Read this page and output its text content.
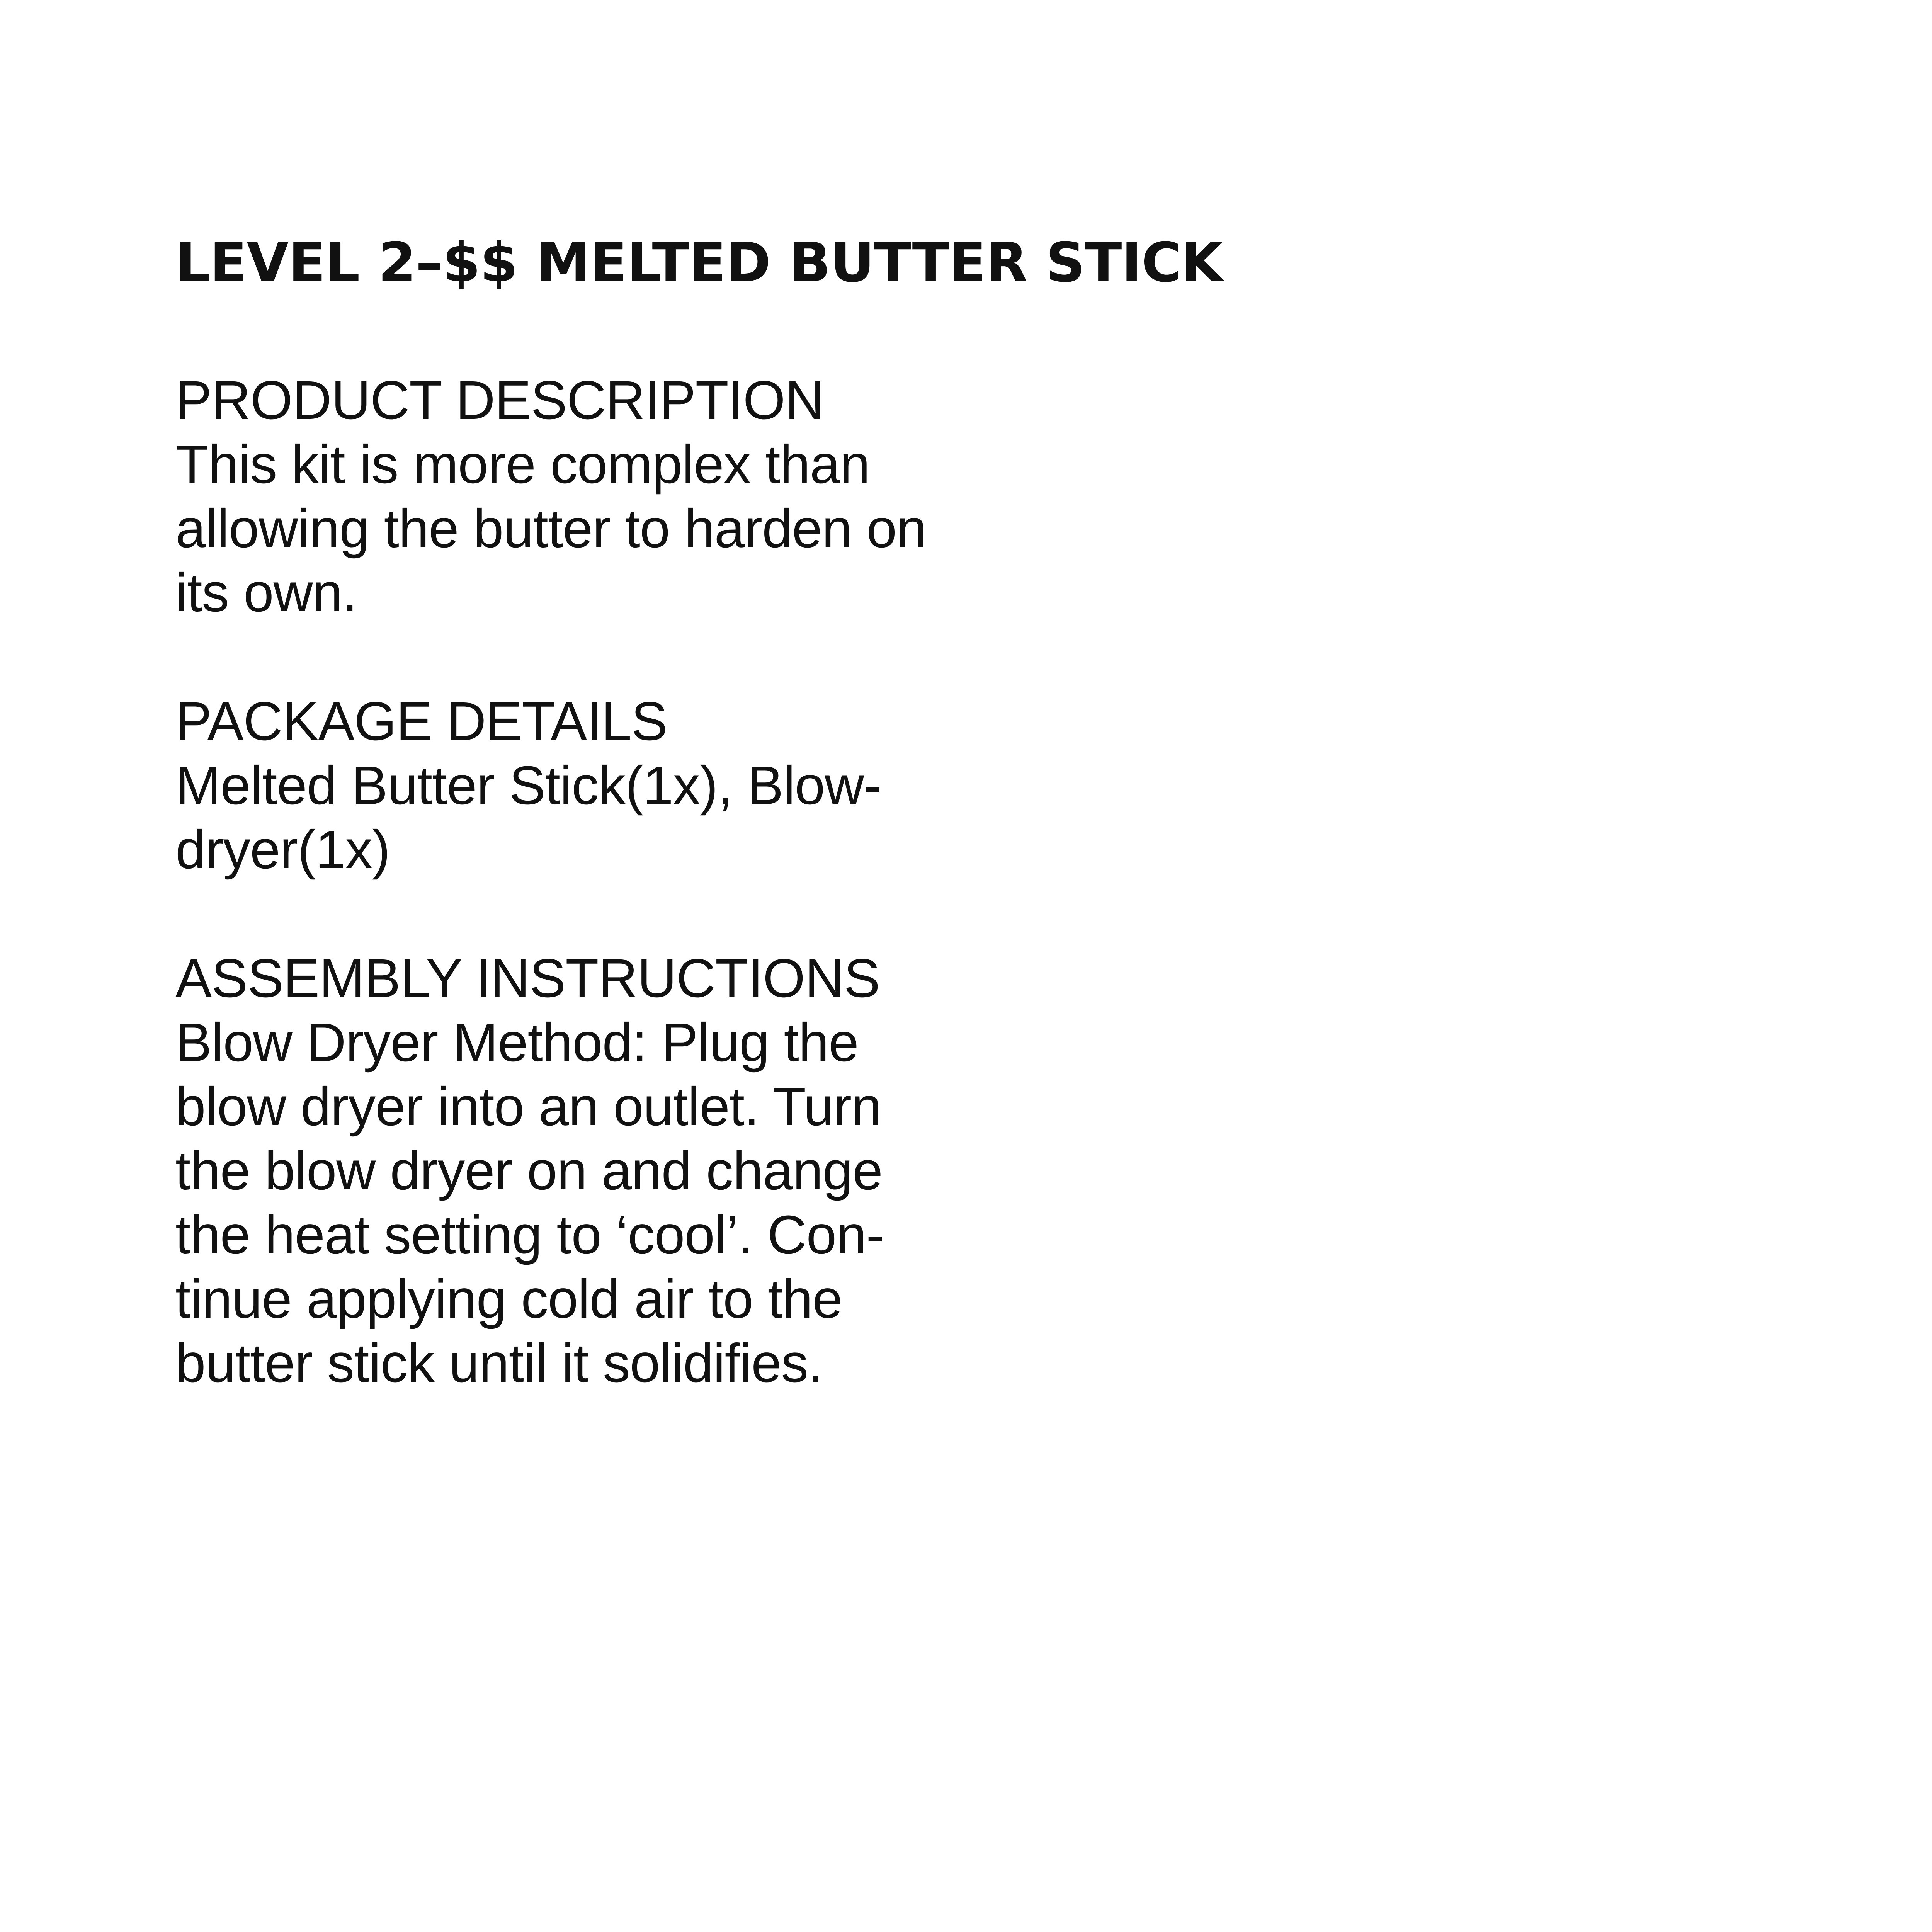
LEVEL 2–$$ MELTED BUTTER STICK

PRODUCT DESCRIPTION

This kit is more complex than

allowing the butter to harden on

its own.

PACKAGE DETAILS

Melted Butter Stick(1x), Blow-

dryer(1x)

ASSEMBLY INSTRUCTIONS

Blow Dryer Method: Plug the

blow dryer into an outlet. Turn

the blow dryer on and change

the heat setting to ‘cool’. Con-

tinue applying cold air to the

butter stick until it solidifies.
